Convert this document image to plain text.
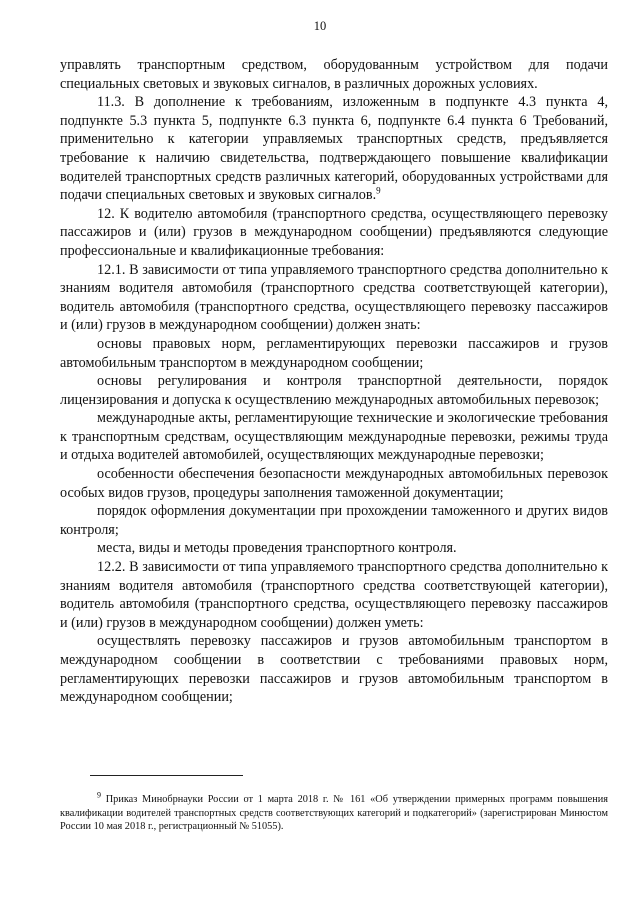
10

управлять транспортным средством, оборудованным устройством для подачи специальных световых и звуковых сигналов, в различных дорожных условиях.

11.3. В дополнение к требованиям, изложенным в подпункте 4.3 пункта 4, подпункте 5.3 пункта 5, подпункте 6.3 пункта 6, подпункте 6.4 пункта 6 Требований, применительно к категории управляемых транспортных средств, предъявляется требование к наличию свидетельства, подтверждающего повышение квалификации водителей транспортных средств различных категорий, оборудованных устройствами для подачи специальных световых и звуковых сигналов.$^9$

12. К водителю автомобиля (транспортного средства, осуществляющего перевозку пассажиров и (или) грузов в международном сообщении) предъявляются следующие профессиональные и квалификационные требования:

12.1. В зависимости от типа управляемого транспортного средства дополнительно к знаниям водителя автомобиля (транспортного средства соответствующей категории), водитель автомобиля (транспортного средства, осуществляющего перевозку пассажиров и (или) грузов в международном сообщении) должен знать:

основы правовых норм, регламентирующих перевозки пассажиров и грузов автомобильным транспортом в международном сообщении;

основы регулирования и контроля транспортной деятельности, порядок лицензирования и допуска к осуществлению международных автомобильных перевозок;

международные акты, регламентирующие технические и экологические требования к транспортным средствам, осуществляющим международные перевозки, режимы труда и отдыха водителей автомобилей, осуществляющих международные перевозки;

особенности обеспечения безопасности международных автомобильных перевозок особых видов грузов, процедуры заполнения таможенной документации;

порядок оформления документации при прохождении таможенного и других видов контроля;

места, виды и методы проведения транспортного контроля.

12.2. В зависимости от типа управляемого транспортного средства дополнительно к знаниям водителя автомобиля (транспортного средства соответствующей категории), водитель автомобиля (транспортного средства, осуществляющего перевозку пассажиров и (или) грузов в международном сообщении) должен уметь:

осуществлять перевозку пассажиров и грузов автомобильным транспортом в международном сообщении в соответствии с требованиями правовых норм, регламентирующих перевозки пассажиров и грузов автомобильным транспортом в международном сообщении;

$^9$ Приказ Минобрнауки России от 1 марта 2018 г. № 161 «Об утверждении примерных программ повышения квалификации водителей транспортных средств соответствующих категорий и подкатегорий» (зарегистрирован Минюстом России 10 мая 2018 г., регистрационный № 51055).
